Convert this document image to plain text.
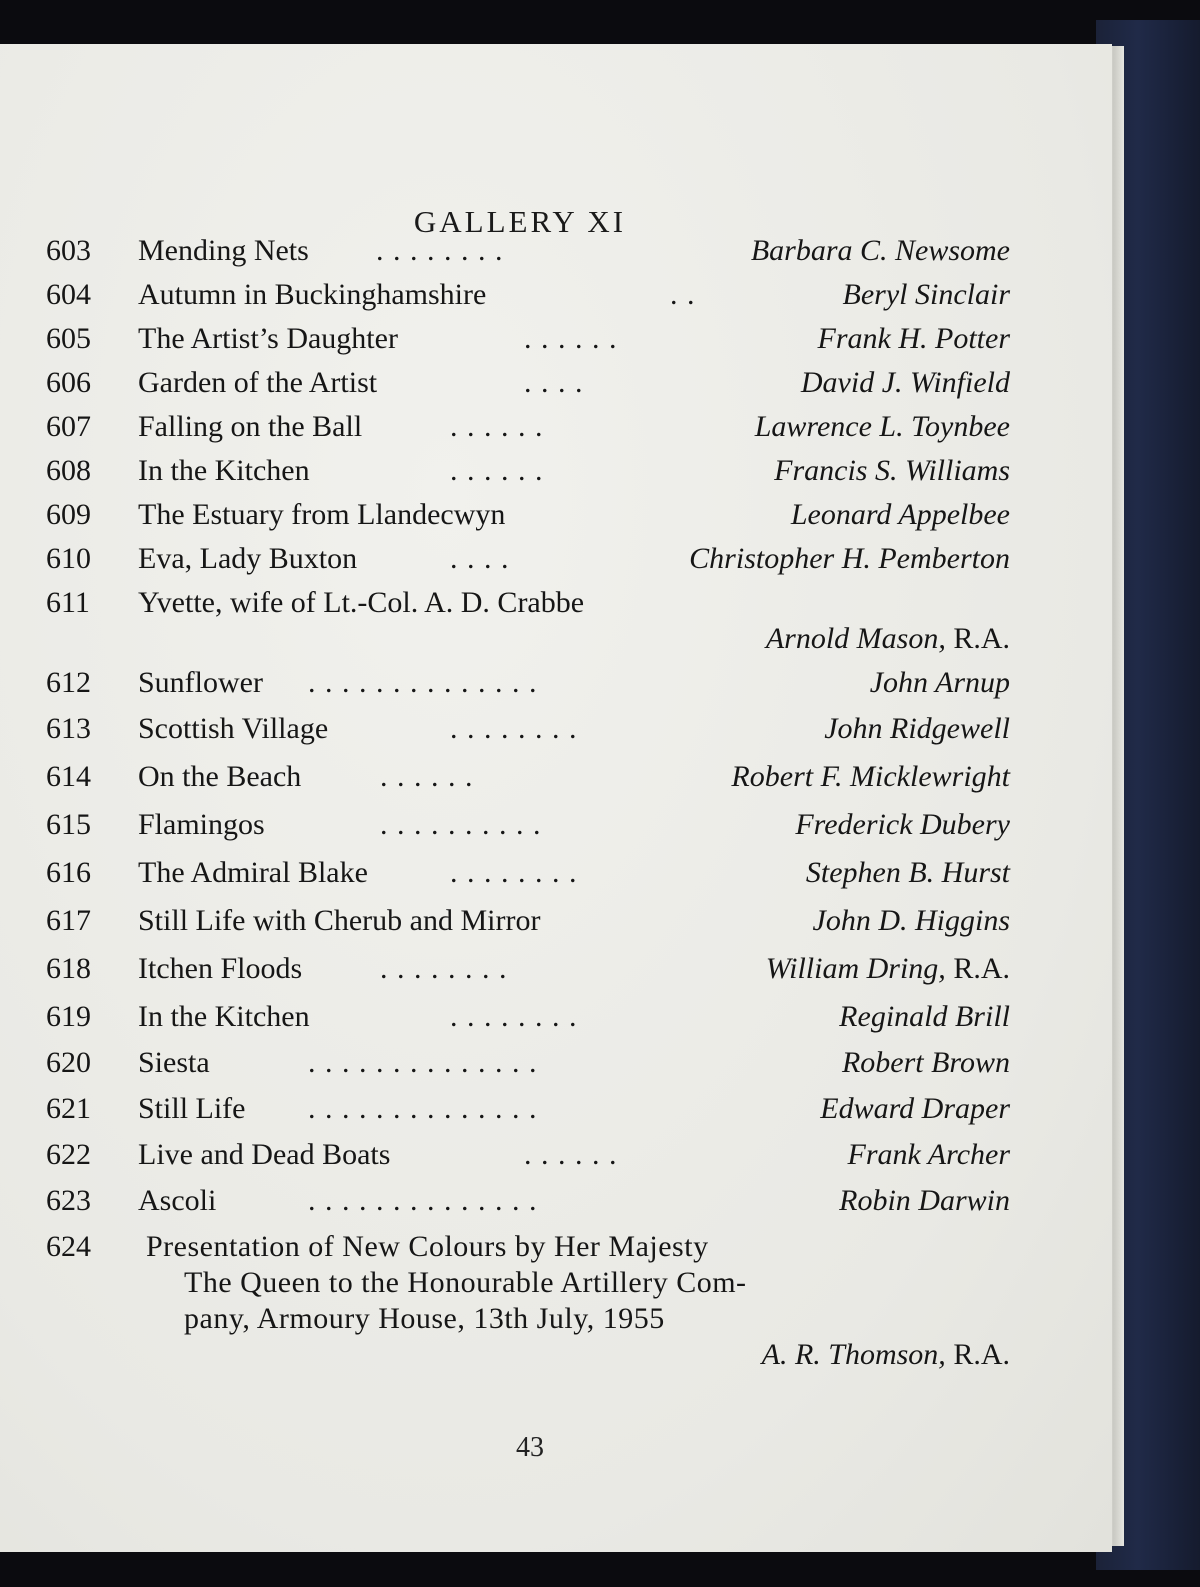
GALLERY XI
603 Mending Nets . . . . . . . .	Barbara C. Newsome
604 Autumn in Buckinghamshire	. .	Beryl Sinclair
605 The Artist’s Daughter	. . . . . .	Frank H. Potter
606 Garden of the Artist	. . . .	David J. Winfield
607 Falling on the Ball	. . . . . .	Lawrence L. Toynbee
608 In the Kitchen	. . . . . .	Francis S. Williams
609 The Estuary from Llandecwyn	Leonard Appelbee
610 Eva, Lady Buxton	. . . .	Christopher H. Pemberton
611 Yvette, wife of Lt.-Col. A. D. Crabbe
Arnold Mason, R.A.
612 Sunflower . . . . . . . . . . . . . .	John Arnup
613 Scottish Village	. . . . . . . .	John Ridgewell
614 On the Beach	. . . . . .	Robert F. Micklewright
615 Flamingos	. . . . . . . . . .	Frederick Dubery
616 The Admiral Blake	. . . . . . . .	Stephen B. Hurst
617 Still Life with Cherub and Mirror	John D. Higgins
618 Itchen Floods	. . . . . . . .	William Dring, R.A.
619 In the Kitchen	. . . . . . . .	Reginald Brill
620 Siesta	. . . . . . . . . . . . . .	Robert Brown
621 Still Life . . . . . . . . . . . . . .	Edward Draper
622 Live and Dead Boats	. . . . . .	Frank Archer
623 Ascoli	. . . . . . . . . . . . . .	Robin Darwin
624 Presentation of New Colours by Her Majesty
The Queen to the Honourable Artillery Com-
pany, Armoury House, 13th July, 1955
A. R. Thomson, R.A.
43
